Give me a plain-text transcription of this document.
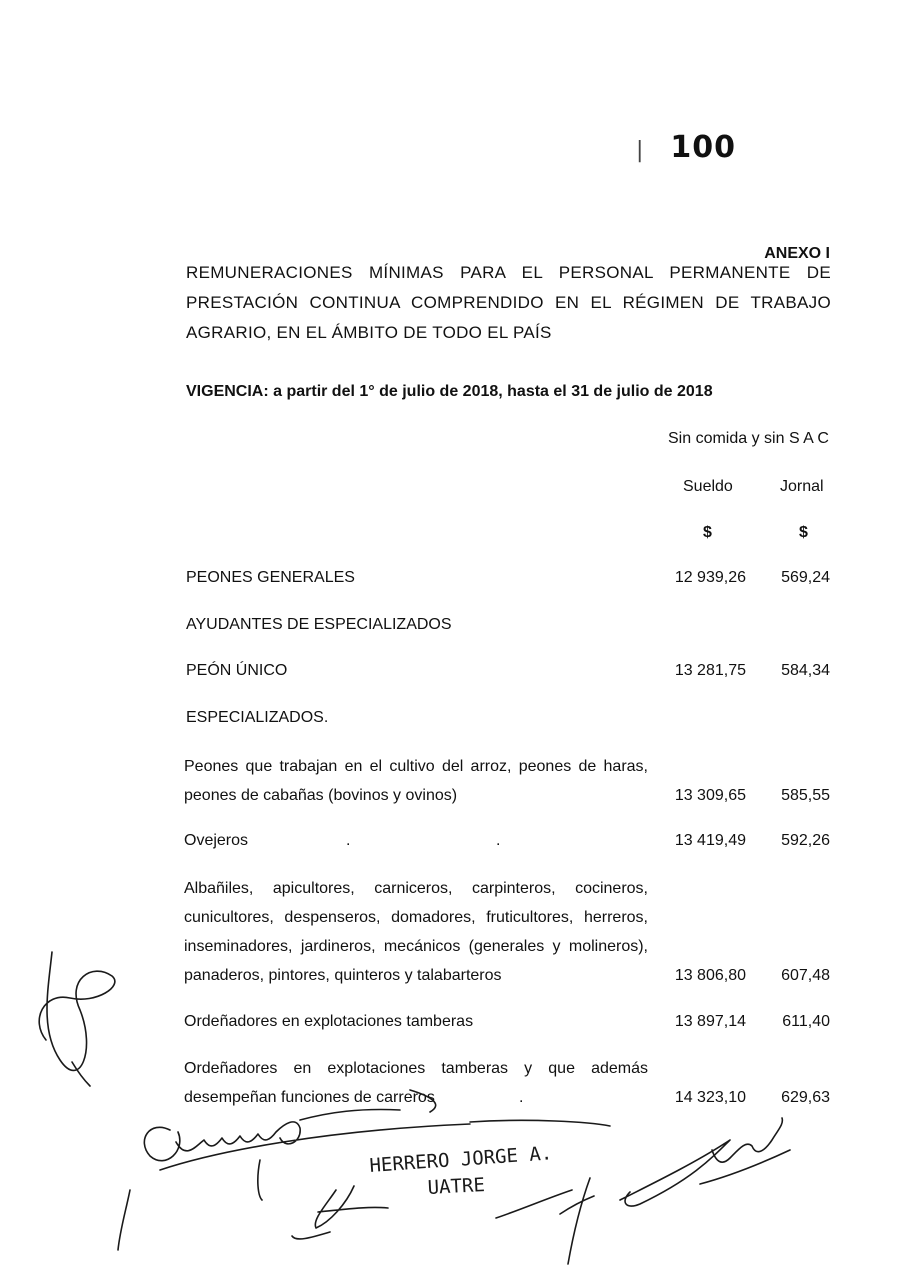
| 100
ANEXO I
REMUNERACIONES MÍNIMAS PARA EL PERSONAL PERMANENTE DE
PRESTACIÓN CONTINUA COMPRENDIDO EN EL RÉGIMEN DE TRABAJO
AGRARIO, EN EL ÁMBITO DE TODO EL PAÍS
VIGENCIA: a partir del 1° de julio de 2018, hasta el 31 de julio de 2018
Sin comida y sin S A C
Sueldo	Jornal
$	$
PEONES GENERALES	12 939,26	569,24
AYUDANTES DE ESPECIALIZADOS
PEÓN ÚNICO	13 281,75	584,34
ESPECIALIZADOS.
Peones que trabajan en el cultivo del arroz, peones de haras, peones de cabañas (bovinos y ovinos)	13 309,65	585,55
Ovejeros	.	.	13 419,49	592,26
Albañiles, apicultores, carniceros, carpinteros, cocineros, cunicultores, despenseros, domadores, fruticultores, herreros, inseminadores, jardineros, mecánicos (generales y molineros), panaderos, pintores, quinteros y talabarteros	13 806,80	607,48
Ordeñadores en explotaciones tamberas	13 897,14	611,40
Ordeñadores en explotaciones tamberas y que además desempeñan funciones de carreros	.	14 323,10	629,63
HERRERO JORGE A.
UATRE
